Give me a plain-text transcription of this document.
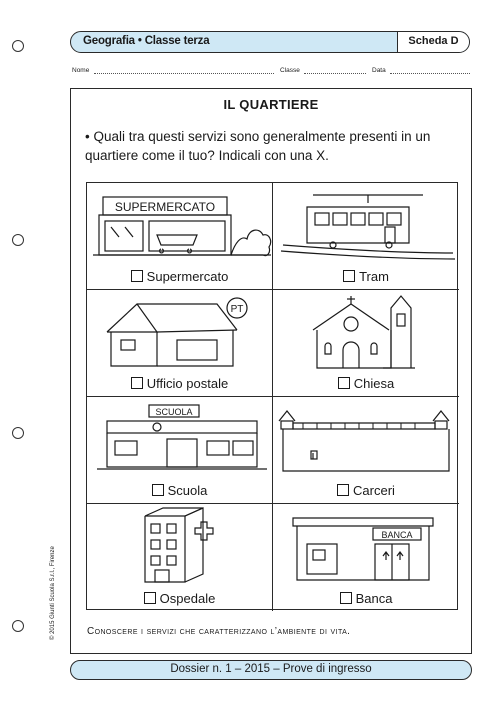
Geografia • Classe terza	Scheda D
Nome	Classe	Data
IL QUARTIERE
• Quali tra questi servizi sono generalmente presenti in un quartiere come il tuo? Indicali con una X.
SUPERMERCATO
Supermercato	Tram
PT
Ufficio postale	Chiesa
SCUOLA
Scuola	Carceri
Ospedale
BANCA
Banca
Conoscere i servizi che caratterizzano l’ambiente di vita.
© 2015 Giunti Scuola S.r.l., Firenze
Dossier n. 1 – 2015 – Prove di ingresso
